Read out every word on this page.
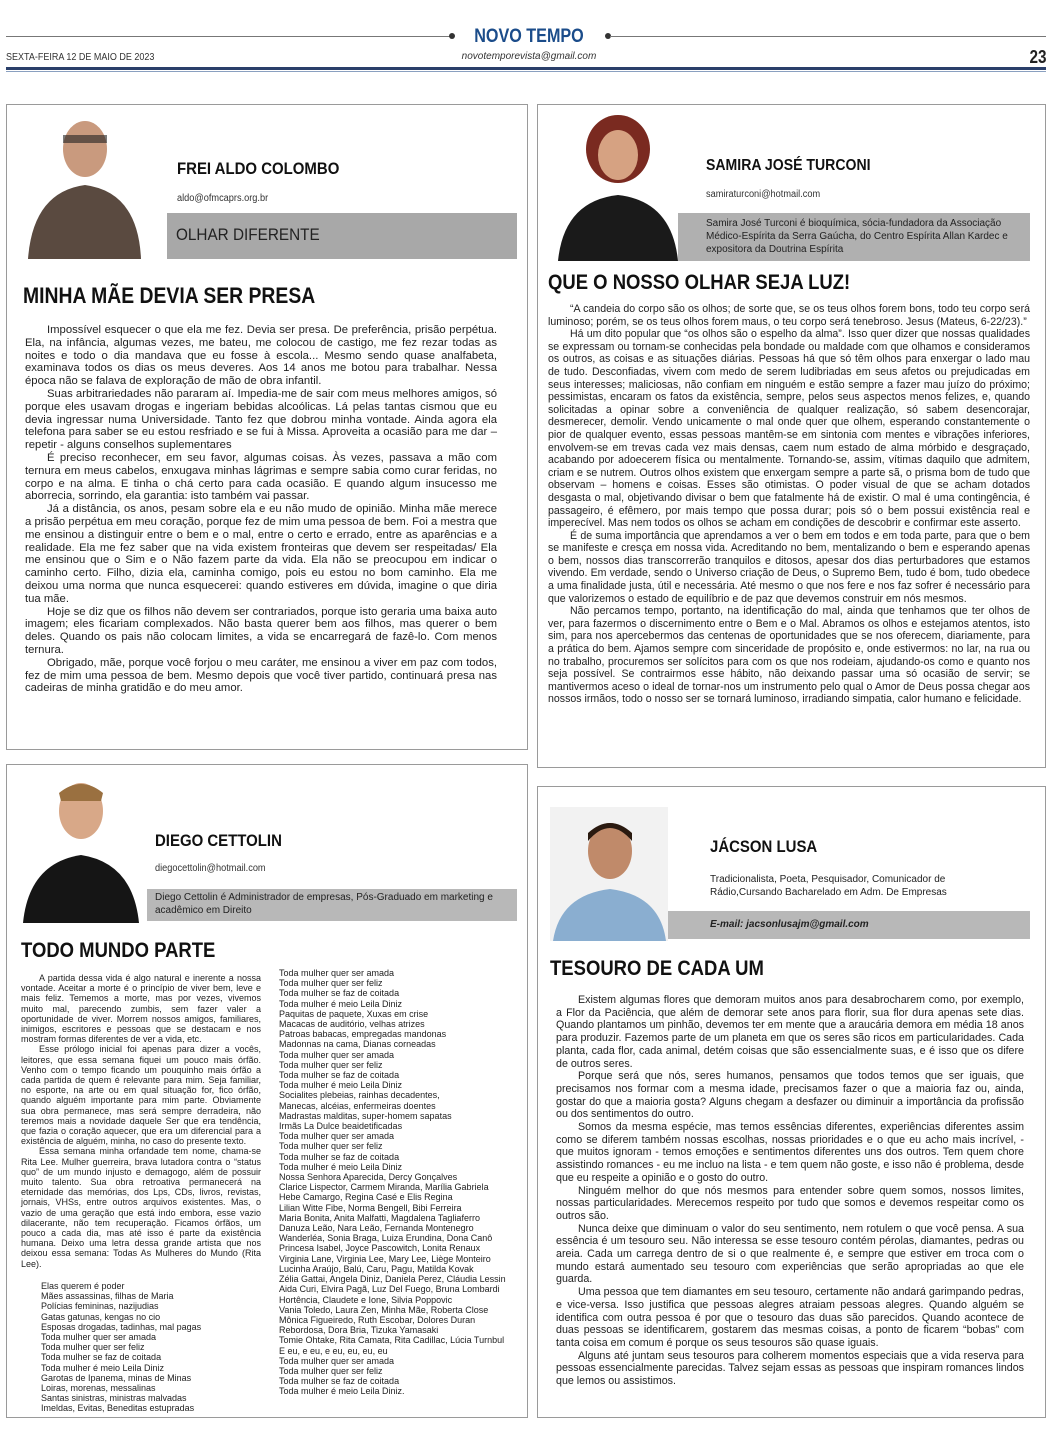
NOVO TEMPO
SEXTA-FEIRA 12 DE MAIO DE 2023	novotemporevista@gmail.com	23
FREI ALDO COLOMBO
aldo@ofmcaprs.org.br
OLHAR DIFERENTE
MINHA MÃE DEVIA SER PRESA

Impossível esquecer o que ela me fez. Devia ser presa. De preferência, prisão perpétua. Ela, na infância, algumas vezes, me bateu, me colocou de castigo, me fez rezar todas as noites e todo o dia mandava que eu fosse à escola... Mesmo sendo quase analfabeta, examinava todos os dias os meus deveres. Aos 14 anos me botou para trabalhar. Nessa época não se falava de exploração de mão de obra infantil.

Suas arbitrariedades não pararam aí. Impedia-me de sair com meus melhores amigos, só porque eles usavam drogas e ingeriam bebidas alcoólicas. Lá pelas tantas cismou que eu devia ingressar numa Universidade. Tanto fez que dobrou minha vontade. Ainda agora ela telefona para saber se eu estou resfriado e se fui à Missa. Aproveita a ocasião para me dar – repetir - alguns conselhos suplementares

É preciso reconhecer, em seu favor, algumas coisas. Às vezes, passava a mão com ternura em meus cabelos, enxugava minhas lágrimas e sempre sabia como curar feridas, no corpo e na alma. E tinha o chá certo para cada ocasião. E quando algum insucesso me aborrecia, sorrindo, ela garantia: isto também vai passar.

Já a distância, os anos, pesam sobre ela e eu não mudo de opinião. Minha mãe merece a prisão perpétua em meu coração, porque fez de mim uma pessoa de bem. Foi a mestra que me ensinou a distinguir entre o bem e o mal, entre o certo e errado, entre as aparências e a realidade. Ela me fez saber que na vida existem fronteiras que devem ser respeitadas/ Ela me ensinou que o Sim e o Não fazem parte da vida. Ela não se preocupou em indicar o caminho certo. Filho, dizia ela, caminha comigo, pois eu estou no bom caminho. Ela me deixou uma norma que nunca esquecerei: quando estiveres em dúvida, imagine o que diria tua mãe.

Hoje se diz que os filhos não devem ser contrariados, porque isto geraria uma baixa auto imagem; eles ficariam complexados. Não basta querer bem aos filhos, mas querer o bem deles. Quando os pais não colocam limites, a vida se encarregará de fazê-lo. Com menos ternura.

Obrigado, mãe, porque você forjou o meu caráter, me ensinou a viver em paz com todos, fez de mim uma pessoa de bem. Mesmo depois que você tiver partido, continuará presa nas cadeiras de minha gratidão e do meu amor.

SAMIRA JOSÉ TURCONI
samiraturconi@hotmail.com
Samira José Turconi é bioquímica, sócia-fundadora da Associação Médico-Espírita da Serra Gaúcha, do Centro Espírita Allan Kardec e expositora da Doutrina Espírita
QUE O NOSSO OLHAR SEJA LUZ!

“A candeia do corpo são os olhos; de sorte que, se os teus olhos forem bons, todo teu corpo será luminoso; porém, se os teus olhos forem maus, o teu corpo será tenebroso. Jesus (Mateus, 6-22/23).”

Há um dito popular que “os olhos são o espelho da alma”. Isso quer dizer que nossas qualidades se expressam ou tornam-se conhecidas pela bondade ou maldade com que olhamos e consideramos os outros, as coisas e as situações diárias. Pessoas há que só têm olhos para enxergar o lado mau de tudo. Desconfiadas, vivem com medo de serem ludibriadas em seus afetos ou prejudicadas em seus interesses; maliciosas, não confiam em ninguém e estão sempre a fazer mau juízo do próximo; pessimistas, encaram os fatos da existência, sempre, pelos seus aspectos menos felizes, e, quando solicitadas a opinar sobre a conveniência de qualquer realização, só sabem desencorajar, desmerecer, demolir. Vendo unicamente o mal onde quer que olhem, esperando constantemente o pior de qualquer evento, essas pessoas mantêm-se em sintonia com mentes e vibrações inferiores, envolvem-se em trevas cada vez mais densas, caem num estado de alma mórbido e desgraçado, acabando por adoecerem física ou mentalmente. Tornando-se, assim, vítimas daquilo que admitem, criam e se nutrem. Outros olhos existem que enxergam sempre a parte sã, o prisma bom de tudo que observam – homens e coisas. Esses são otimistas. O poder visual de que se acham dotados desgasta o mal, objetivando divisar o bem que fatalmente há de existir. O mal é uma contingência, é passageiro, é efêmero, por mais tempo que possa durar; pois só o bem possui existência real e imperecível. Mas nem todos os olhos se acham em condições de descobrir e confirmar este asserto.

É de suma importância que aprendamos a ver o bem em todos e em toda parte, para que o bem se manifeste e cresça em nossa vida. Acreditando no bem, mentalizando o bem e esperando apenas o bem, nossos dias transcorrerão tranquilos e ditosos, apesar dos dias perturbadores que estamos vivendo. Em verdade, sendo o Universo criação de Deus, o Supremo Bem, tudo é bom, tudo obedece a uma finalidade justa, útil e necessária. Até mesmo o que nos fere e nos faz sofrer é necessário para que valorizemos o estado de equilíbrio e de paz que devemos construir em nós mesmos.

Não percamos tempo, portanto, na identificação do mal, ainda que tenhamos que ter olhos de ver, para fazermos o discernimento entre o Bem e o Mal. Abramos os olhos e estejamos atentos, isto sim, para nos apercebermos das centenas de oportunidades que se nos oferecem, diariamente, para a prática do bem. Ajamos sempre com sinceridade de propósito e, onde estivermos: no lar, na rua ou no trabalho, procuremos ser solícitos para com os que nos rodeiam, ajudando-os como e quanto nos seja possível. Se contrairmos esse hábito, não deixando passar uma só ocasião de servir; se mantivermos aceso o ideal de tornar-nos um instrumento pelo qual o Amor de Deus possa chegar aos nossos irmãos, todo o nosso ser se tornará luminoso, irradiando simpatia, calor humano e felicidade.

DIEGO CETTOLIN
diegocettolin@hotmail.com
Diego Cettolin é Administrador de empresas, Pós-Graduado em marketing e acadêmico em Direito
TODO MUNDO PARTE

A partida dessa vida é algo natural e inerente a nossa vontade. Aceitar a morte é o princípio de viver bem, leve e mais feliz. Tememos a morte, mas por vezes, vivemos muito mal, parecendo zumbis, sem fazer valer a oportunidade de viver. Morrem nossos amigos, familiares, inimigos, escritores e pessoas que se destacam e nos mostram formas diferentes de ver a vida, etc.

Esse prólogo inicial foi apenas para dizer a vocês, leitores, que essa semana fiquei um pouco mais órfão. Venho com o tempo ficando um pouquinho mais órfão a cada partida de quem é relevante para mim. Seja familiar, no esporte, na arte ou em qual situação for, fico órfão, quando alguém importante para mim parte. Obviamente sua obra permanece, mas será sempre derradeira, não teremos mais a novidade daquele Ser que era tendência, que fazia o coração aquecer, que era um diferencial para a existência de alguém, minha, no caso do presente texto.

Essa semana minha orfandade tem nome, chama-se Rita Lee. Mulher guerreira, brava lutadora contra o “status quo” de um mundo injusto e demagogo, além de possuir muito talento. Sua obra retroativa permanecerá na eternidade das memórias, dos Lps, CDs, livros, revistas, jornais, VHSs, entre outros arquivos existentes. Mas, o vazio de uma geração que está indo embora, esse vazio dilacerante, não tem recuperação. Ficamos órfãos, um pouco a cada dia, mas até isso é parte da existência humana. Deixo uma letra dessa grande artista que nos deixou essa semana: Todas As Mulheres do Mundo (Rita Lee).

Elas querem é poder
Mães assassinas, filhas de Maria
Polícias femininas, nazijudias
Gatas gatunas, kengas no cio
Esposas drogadas, tadinhas, mal pagas
Toda mulher quer ser amada
Toda mulher quer ser feliz
Toda mulher se faz de coitada
Toda mulher é meio Leila Diniz
Garotas de Ipanema, minas de Minas
Loiras, morenas, messalinas
Santas sinistras, ministras malvadas
Imeldas, Evitas, Beneditas estupradas
Toda mulher quer ser amada
Toda mulher quer ser feliz
Toda mulher se faz de coitada
Toda mulher é meio Leila Diniz
Paquitas de paquete, Xuxas em crise
Macacas de auditório, velhas atrizes
Patroas babacas, empregadas mandonas
Madonnas na cama, Dianas corneadas
Toda mulher quer ser amada
Toda mulher quer ser feliz
Toda mulher se faz de coitada
Toda mulher é meio Leila Diniz
Socialites plebeias, rainhas decadentes,
Manecas, alcéias, enfermeiras doentes
Madrastas malditas, super-homem sapatas
Irmãs La Dulce beaidetificadas
Toda mulher quer ser amada
Toda mulher quer ser feliz
Toda mulher se faz de coitada
Toda mulher é meio Leila Diniz
Nossa Senhora Aparecida, Dercy Gonçalves
Clarice Lispector, Carmem Miranda, Marília Gabriela
Hebe Camargo, Regina Casé e Elis Regina
Lilian Witte Fibe, Norma Bengell, Bibi Ferreira
Maria Bonita, Anita Malfatti, Magdalena Tagliaferro
Danuza Leão, Nara Leão, Fernanda Montenegro
Wanderléa, Sonia Braga, Luiza Erundina, Dona Canô
Princesa Isabel, Joyce Pascowitch, Lonita Renaux
Virginia Lane, Virginia Lee, Mary Lee, Liège Monteiro
Lucinha Araújo, Balú, Caru, Pagu, Matilda Kovak
Zélia Gattai, Angela Diniz, Daniela Perez, Cláudia Lessin
Aida Curi, Elvira Pagã, Luz Del Fuego, Bruna Lombardi
Hortência, Claudete e Ione, Silvia Poppovic
Vania Toledo, Laura Zen, Minha Mãe, Roberta Close
Mônica Figueiredo, Ruth Escobar, Dolores Duran
Rebordosa, Dora Bria, Tizuka Yamasaki
Tomie Ohtake, Rita Camata, Rita Cadillac, Lúcia Turnbul
E eu, e eu, e eu, eu, eu, eu
Toda mulher quer ser amada
Toda mulher quer ser feliz
Toda mulher se faz de coitada
Toda mulher é meio Leila Diniz.
JÁCSON LUSA
Tradicionalista, Poeta, Pesquisador, Comunicador de Rádio,Cursando Bacharelado em Adm. De Empresas
E-mail: jacsonlusajm@gmail.com
TESOURO DE CADA UM

Existem algumas flores que demoram muitos anos para desabrocharem como, por exemplo, a Flor da Paciência, que além de demorar sete anos para florir, sua flor dura apenas sete dias. Quando plantamos um pinhão, devemos ter em mente que a araucária demora em média 18 anos para produzir. Fazemos parte de um planeta em que os seres são ricos em particularidades. Cada planta, cada flor, cada animal, detém coisas que são essencialmente suas, e é isso que os difere de outros seres.

Porque será que nós, seres humanos, pensamos que todos temos que ser iguais, que precisamos nos formar com a mesma idade, precisamos fazer o que a maioria faz ou, ainda, gostar do que a maioria gosta? Alguns chegam a desfazer ou diminuir a importância da profissão ou dos sentimentos do outro.

Somos da mesma espécie, mas temos essências diferentes, experiências diferentes assim como se diferem também nossas escolhas, nossas prioridades e o que eu acho mais incrível, - que muitos ignoram - temos emoções e sentimentos diferentes uns dos outros. Tem quem chore assistindo romances - eu me incluo na lista - e tem quem não goste, e isso não é problema, desde que eu respeite a opinião e o gosto do outro.

Ninguém melhor do que nós mesmos para entender sobre quem somos, nossos limites, nossas particularidades. Merecemos respeito por tudo que somos e devemos respeitar como os outros são.

Nunca deixe que diminuam o valor do seu sentimento, nem rotulem o que você pensa. A sua essência é um tesouro seu. Não interessa se esse tesouro contém pérolas, diamantes, pedras ou areia. Cada um carrega dentro de si o que realmente é, e sempre que estiver em troca com o mundo estará aumentado seu tesouro com experiências que serão apropriadas ao que ele guarda.

Uma pessoa que tem diamantes em seu tesouro, certamente não andará garimpando pedras, e vice-versa. Isso justifica que pessoas alegres atraiam pessoas alegres. Quando alguém se identifica com outra pessoa é por que o tesouro das duas são parecidos. Quando acontece de duas pessoas se identificarem, gostarem das mesmas coisas, a ponto de ficarem “bobas” com tanta coisa em comum é porque os seus tesouros são quase iguais.

Alguns até juntam seus tesouros para colherem momentos especiais que a vida reserva para pessoas essencialmente parecidas. Talvez sejam essas as pessoas que inspiram romances lindos que lemos ou assistimos.
